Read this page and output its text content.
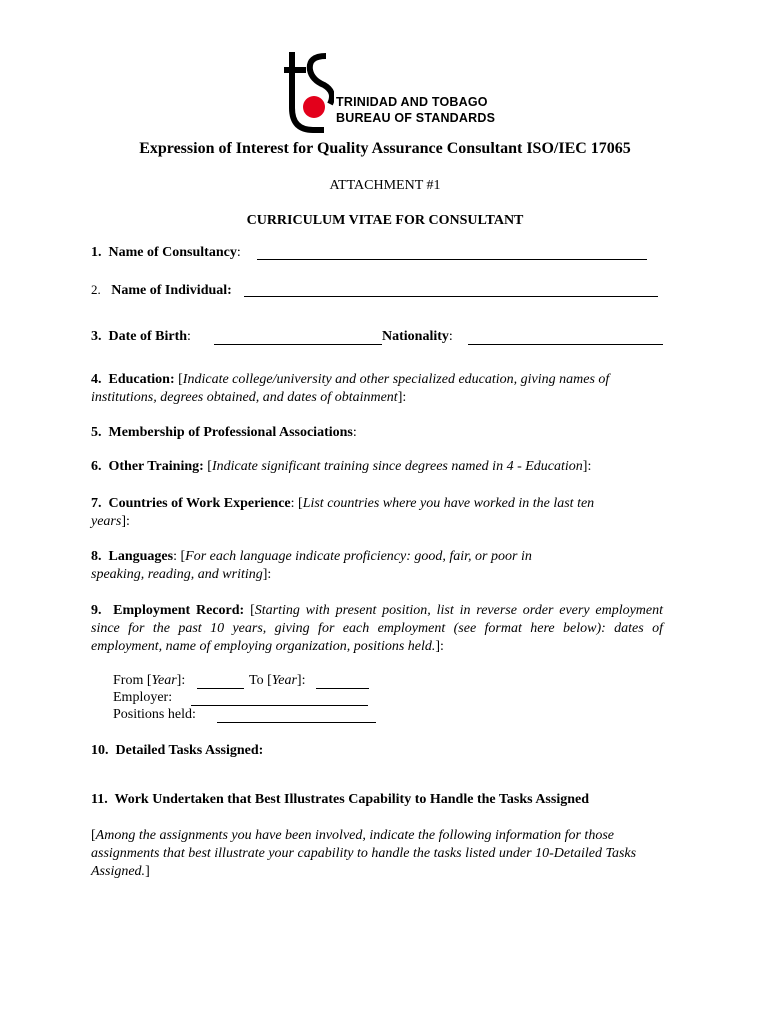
TRINIDAD AND TOBAGO
BUREAU OF STANDARDS
Expression of Interest for Quality Assurance Consultant ISO/IEC 17065
ATTACHMENT #1
CURRICULUM VITAE FOR CONSULTANT
1. Name of Consultancy:
2. Name of Individual:
3. Date of Birth:	Nationality:
4. Education: [Indicate college/university and other specialized education, giving names of institutions, degrees obtained, and dates of obtainment]:
5. Membership of Professional Associations:
6. Other Training: [Indicate significant training since degrees named in 4 - Education]:
7. Countries of Work Experience: [List countries where you have worked in the last ten years]:
8. Languages: [For each language indicate proficiency: good, fair, or poor in speaking, reading, and writing]:
9. Employment Record: [Starting with present position, list in reverse order every employment since for the past 10 years, giving for each employment (see format here below): dates of employment, name of employing organization, positions held.]:
From [Year]:	To [Year]:
Employer:
Positions held:
10. Detailed Tasks Assigned:
11. Work Undertaken that Best Illustrates Capability to Handle the Tasks Assigned
[Among the assignments you have been involved, indicate the following information for those assignments that best illustrate your capability to handle the tasks listed under 10-Detailed Tasks Assigned.]
